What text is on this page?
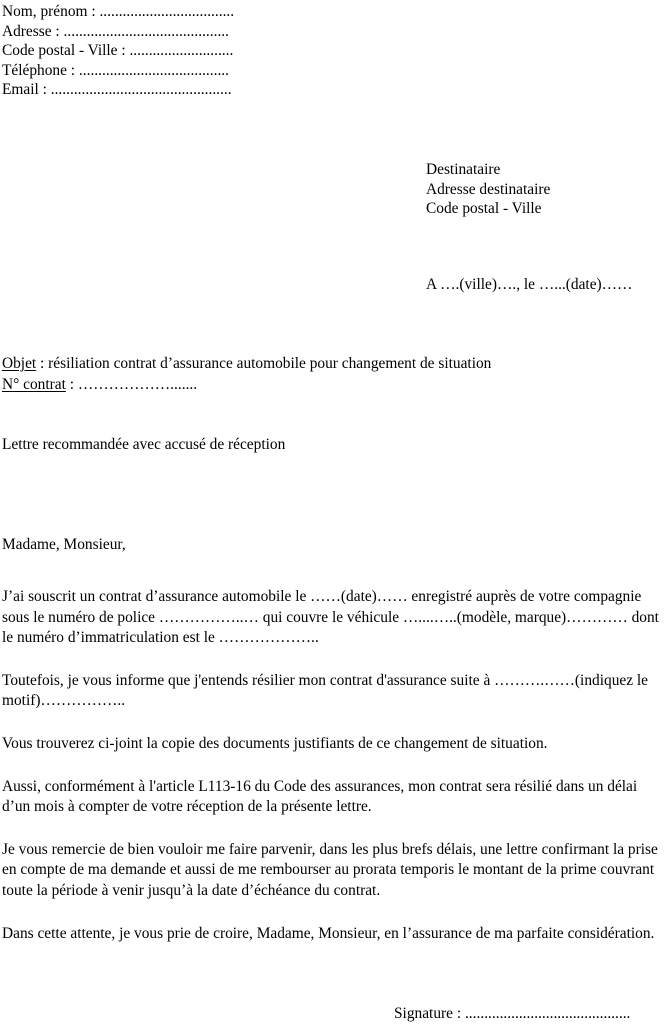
Nom, prénom : ...................................
Adresse : ...........................................
Code postal - Ville : ...........................
Téléphone : .......................................
Email : ...............................................
Destinataire
Adresse destinataire
Code postal - Ville
A ….(ville)…., le …...(date)……
Objet : résiliation contrat d’assurance automobile pour changement de situation
N° contrat : ……………….......
Lettre recommandée avec accusé de réception
Madame, Monsieur,
J’ai souscrit un contrat d’assurance automobile le ……(date)…… enregistré auprès de votre compagnie sous le numéro de police ……………..… qui couvre le véhicule …....…..(modèle, marque)………… dont le numéro d’immatriculation est le ………………..
Toutefois, je vous informe que j'entends résilier mon contrat d'assurance suite à ……….……(indiquez le motif)……………..
Vous trouverez ci-joint la copie des documents justifiants de ce changement de situation.
Aussi, conformément à l'article L113-16 du Code des assurances, mon contrat sera résilié dans un délai d’un mois à compter de votre réception de la présente lettre.
Je vous remercie de bien vouloir me faire parvenir, dans les plus brefs délais, une lettre confirmant la prise en compte de ma demande et aussi de me rembourser au prorata temporis le montant de la prime couvrant toute la période à venir jusqu’à la date d’échéance du contrat.
Dans cette attente, je vous prie de croire, Madame, Monsieur, en l’assurance de ma parfaite considération.
Signature : ...........................................
